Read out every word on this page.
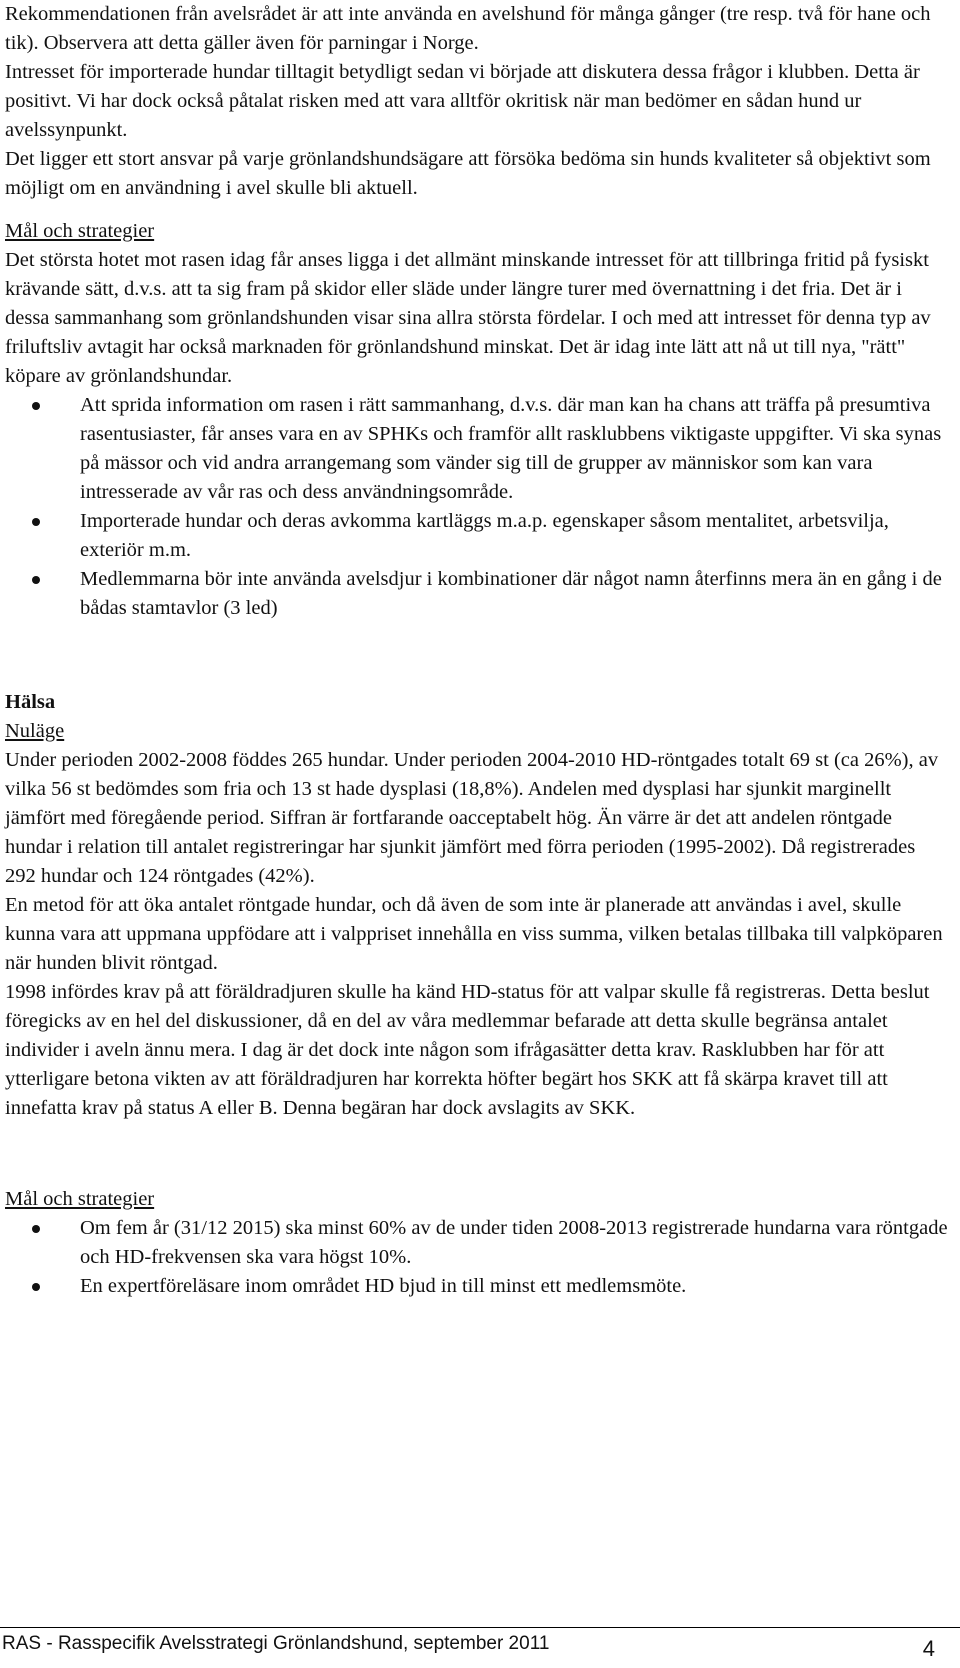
Rekommendationen från avelsrådet är att inte använda en avelshund för många gånger (tre resp. två för hane och tik). Observera att detta gäller även för parningar i Norge.

Intresset för importerade hundar tilltagit betydligt sedan vi började att diskutera dessa frågor i klubben. Detta är positivt. Vi har dock också påtalat risken med att vara alltför okritisk när man bedömer en sådan hund ur avelssynpunkt.

Det ligger ett stort ansvar på varje grönlandshundsägare att försöka bedöma sin hunds kvaliteter så objektivt som möjligt om en användning i avel skulle bli aktuell.

Mål och strategier

Det största hotet mot rasen idag får anses ligga i det allmänt minskande intresset för att tillbringa fritid på fysiskt krävande sätt, d.v.s. att ta sig fram på skidor eller släde under längre turer med övernattning i det fria. Det är i dessa sammanhang som grönlandshunden visar sina allra största fördelar. I och med att intresset för denna typ av friluftsliv avtagit har också marknaden för grönlandshund minskat. Det är idag inte lätt att nå ut till nya, "rätt" köpare av grönlandshundar.

Att sprida information om rasen i rätt sammanhang, d.v.s. där man kan ha chans att träffa på presumtiva rasentusiaster, får anses vara en av SPHKs och framför allt rasklubbens viktigaste uppgifter. Vi ska synas på mässor och vid andra arrangemang som vänder sig till de grupper av människor som kan vara intresserade av vår ras och dess användningsområde.
Importerade hundar och deras avkomma kartläggs m.a.p. egenskaper såsom mentalitet, arbetsvilja, exteriör m.m.
Medlemmarna bör inte använda avelsdjur i kombinationer där något namn återfinns mera än en gång i de bådas stamtavlor (3 led)

Hälsa

Nuläge

Under perioden 2002-2008 föddes 265 hundar. Under perioden 2004-2010 HD-röntgades totalt 69 st (ca 26%), av vilka 56 st bedömdes som fria och 13 st hade dysplasi (18,8%). Andelen med dysplasi har sjunkit marginellt jämfört med föregående period. Siffran är fortfarande oacceptabelt hög. Än värre är det att andelen röntgade hundar i relation till antalet registreringar har sjunkit jämfört med förra perioden (1995-2002). Då registrerades 292 hundar och 124 röntgades (42%).

En metod för att öka antalet röntgade hundar, och då även de som inte är planerade att användas i avel, skulle kunna vara att uppmana uppfödare att i valppriset innehålla en viss summa, vilken betalas tillbaka till valpköparen när hunden blivit röntgad.

1998 infördes krav på att föräldradjuren skulle ha känd HD-status för att valpar skulle få registreras. Detta beslut föregicks av en hel del diskussioner, då en del av våra medlemmar befarade att detta skulle begränsa antalet individer i aveln ännu mera. I dag är det dock inte någon som ifrågasätter detta krav. Rasklubben har för att ytterligare betona vikten av att föräldradjuren har korrekta höfter begärt hos SKK att få skärpa kravet till att innefatta krav på status A eller B. Denna begäran har dock avslagits av SKK.

Mål och strategier

Om fem år (31/12 2015) ska minst 60% av de under tiden 2008-2013 registrerade hundarna vara röntgade och HD-frekvensen ska vara högst 10%.
En expertföreläsare inom området HD bjud in till minst ett medlemsmöte.
RAS - Rasspecifik Avelsstrategi Grönlandshund, september 2011	4
